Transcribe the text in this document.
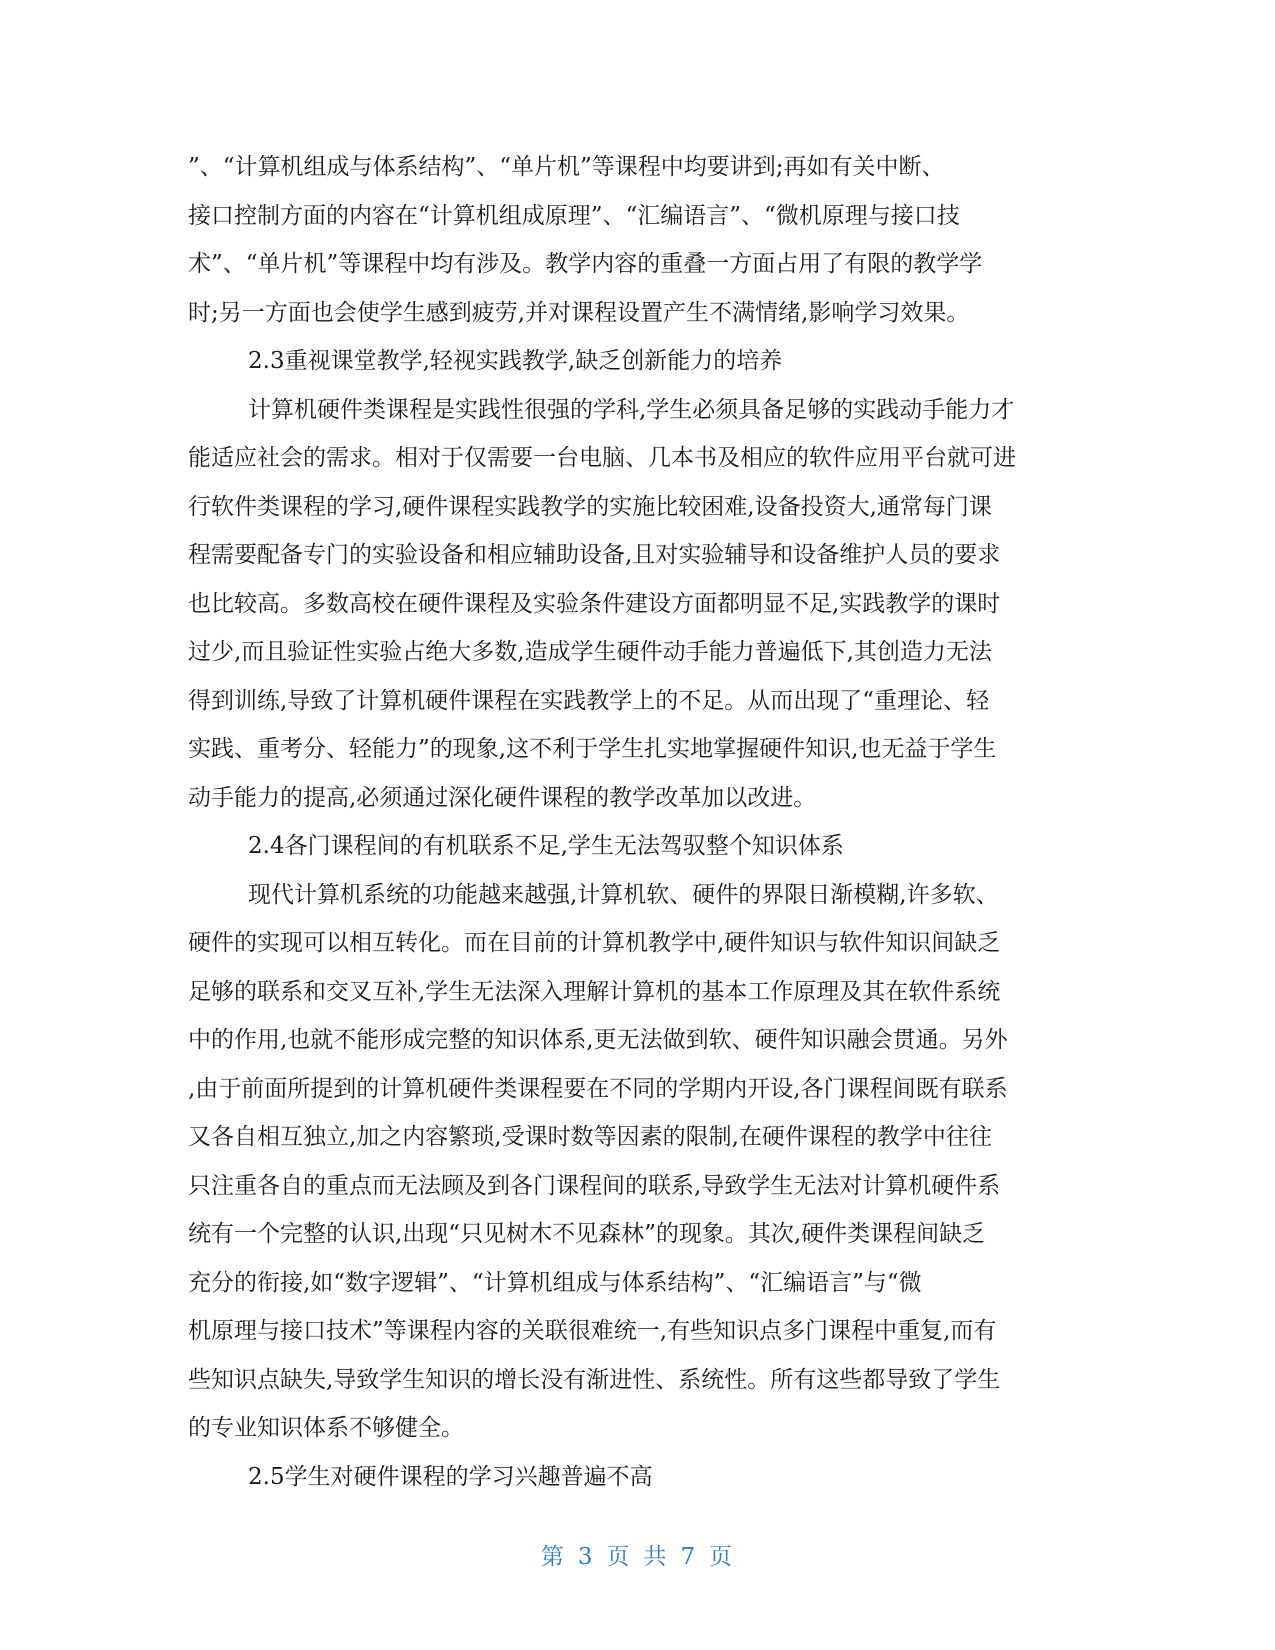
”、“计算机组成与体系结构”、“单片机”等课程中均要讲到;再如有关中断、
接口控制方面的内容在“计算机组成原理”、“汇编语言”、“微机原理与接口技
术”、“单片机”等课程中均有涉及。教学内容的重叠一方面占用了有限的教学学
时;另一方面也会使学生感到疲劳,并对课程设置产生不满情绪,影响学习效果。
2.3重视课堂教学,轻视实践教学,缺乏创新能力的培养
计算机硬件类课程是实践性很强的学科,学生必须具备足够的实践动手能力才
能适应社会的需求。相对于仅需要一台电脑、几本书及相应的软件应用平台就可进
行软件类课程的学习,硬件课程实践教学的实施比较困难,设备投资大,通常每门课
程需要配备专门的实验设备和相应辅助设备,且对实验辅导和设备维护人员的要求
也比较高。多数高校在硬件课程及实验条件建设方面都明显不足,实践教学的课时
过少,而且验证性实验占绝大多数,造成学生硬件动手能力普遍低下,其创造力无法
得到训练,导致了计算机硬件课程在实践教学上的不足。从而出现了“重理论、轻
实践、重考分、轻能力”的现象,这不利于学生扎实地掌握硬件知识,也无益于学生
动手能力的提高,必须通过深化硬件课程的教学改革加以改进。
2.4各门课程间的有机联系不足,学生无法驾驭整个知识体系
现代计算机系统的功能越来越强,计算机软、硬件的界限日渐模糊,许多软、
硬件的实现可以相互转化。而在目前的计算机教学中,硬件知识与软件知识间缺乏
足够的联系和交叉互补,学生无法深入理解计算机的基本工作原理及其在软件系统
中的作用,也就不能形成完整的知识体系,更无法做到软、硬件知识融会贯通。另外
,由于前面所提到的计算机硬件类课程要在不同的学期内开设,各门课程间既有联系
又各自相互独立,加之内容繁琐,受课时数等因素的限制,在硬件课程的教学中往往
只注重各自的重点而无法顾及到各门课程间的联系,导致学生无法对计算机硬件系
统有一个完整的认识,出现“只见树木不见森林”的现象。其次,硬件类课程间缺乏
充分的衔接,如“数字逻辑”、“计算机组成与体系结构”、“汇编语言”与“微
机原理与接口技术”等课程内容的关联很难统一,有些知识点多门课程中重复,而有
些知识点缺失,导致学生知识的增长没有渐进性、系统性。所有这些都导致了学生
的专业知识体系不够健全。
2.5学生对硬件课程的学习兴趣普遍不高
第 3 页 共 7 页
